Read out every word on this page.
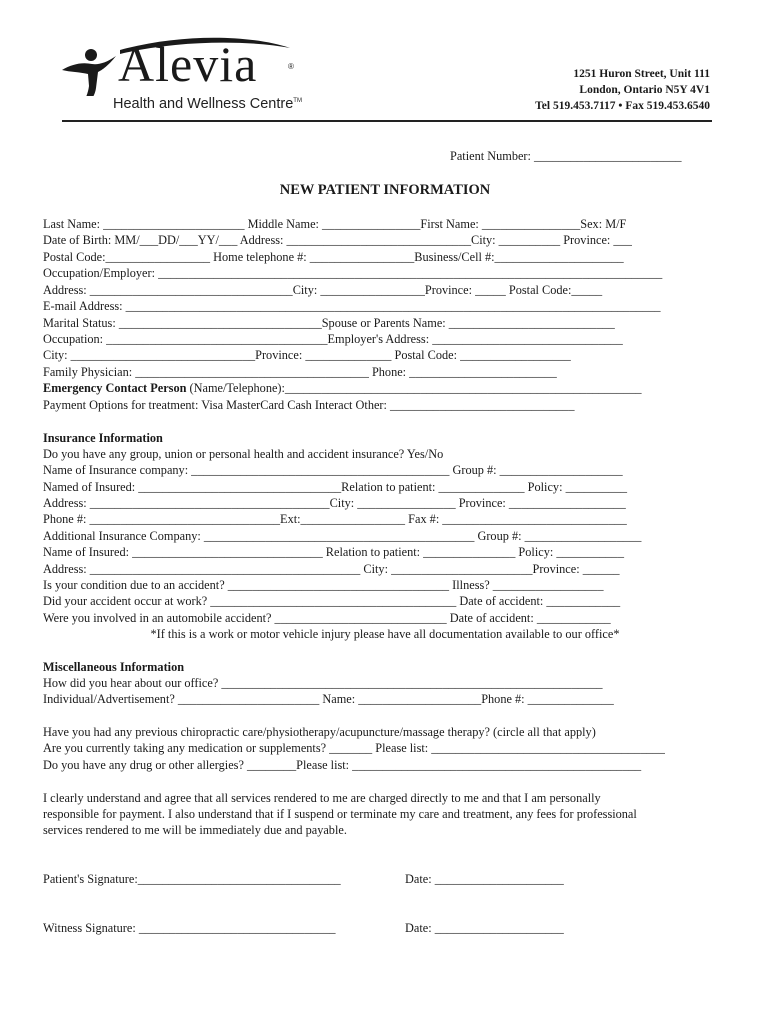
Alevia	®
Health and Wellness Centre™
1251 Huron Street, Unit 111
London, Ontario N5Y 4V1
Tel 519.453.7117 • Fax 519.453.6540
Patient Number: ________________________
NEW PATIENT INFORMATION
Last Name: _______________________ Middle Name: ________________First Name: ________________Sex: M/F
Date of Birth: MM/___DD/___YY/___ Address: ______________________________City: __________ Province: ___
Postal Code:_________________ Home telephone #: _________________Business/Cell #:_____________________
Occupation/Employer: __________________________________________________________________________________
Address: _________________________________City: _________________Province: _____ Postal Code:_____
E-mail Address: _______________________________________________________________________________________
Marital Status: _________________________________Spouse or Parents Name: ___________________________
Occupation: ____________________________________Employer's Address: _______________________________
City: ______________________________Province: ______________ Postal Code: __________________
Family Physician: ______________________________________ Phone: ________________________
Emergency Contact Person (Name/Telephone):__________________________________________________________
Payment Options for treatment: Visa MasterCard Cash Interact Other: ______________________________
Insurance Information
Do you have any group, union or personal health and accident insurance? Yes/No
Name of Insurance company: __________________________________________ Group #: ____________________
Named of Insured: _________________________________Relation to patient: ______________ Policy: __________
Address: _______________________________________City: ________________ Province: ___________________
Phone #: _______________________________Ext:_________________ Fax #: ______________________________
Additional Insurance Company: ____________________________________________ Group #: ___________________
Name of Insured: _______________________________ Relation to patient: _______________ Policy: ___________
Address: ____________________________________________ City: _______________________Province: ______
Is your condition due to an accident? ____________________________________ Illness? __________________
Did your accident occur at work? ________________________________________ Date of accident: ____________
Were you involved in an automobile accident? ____________________________ Date of accident: ____________
*If this is a work or motor vehicle injury please have all documentation available to our office*
Miscellaneous Information
How did you hear about our office? ______________________________________________________________
Individual/Advertisement? _______________________ Name: ____________________Phone #: ______________
Have you had any previous chiropractic care/physiotherapy/acupuncture/massage therapy? (circle all that apply)
Are you currently taking any medication or supplements? _______ Please list: ______________________________________
Do you have any drug or other allergies? ________Please list: _______________________________________________
I clearly understand and agree that all services rendered to me are charged directly to me and that I am personally
responsible for payment. I also understand that if I suspend or terminate my care and treatment, any fees for professional
services rendered to me will be immediately due and payable.
Patient's Signature:_________________________________	Date: _____________________
Witness Signature: ________________________________	Date: _____________________
